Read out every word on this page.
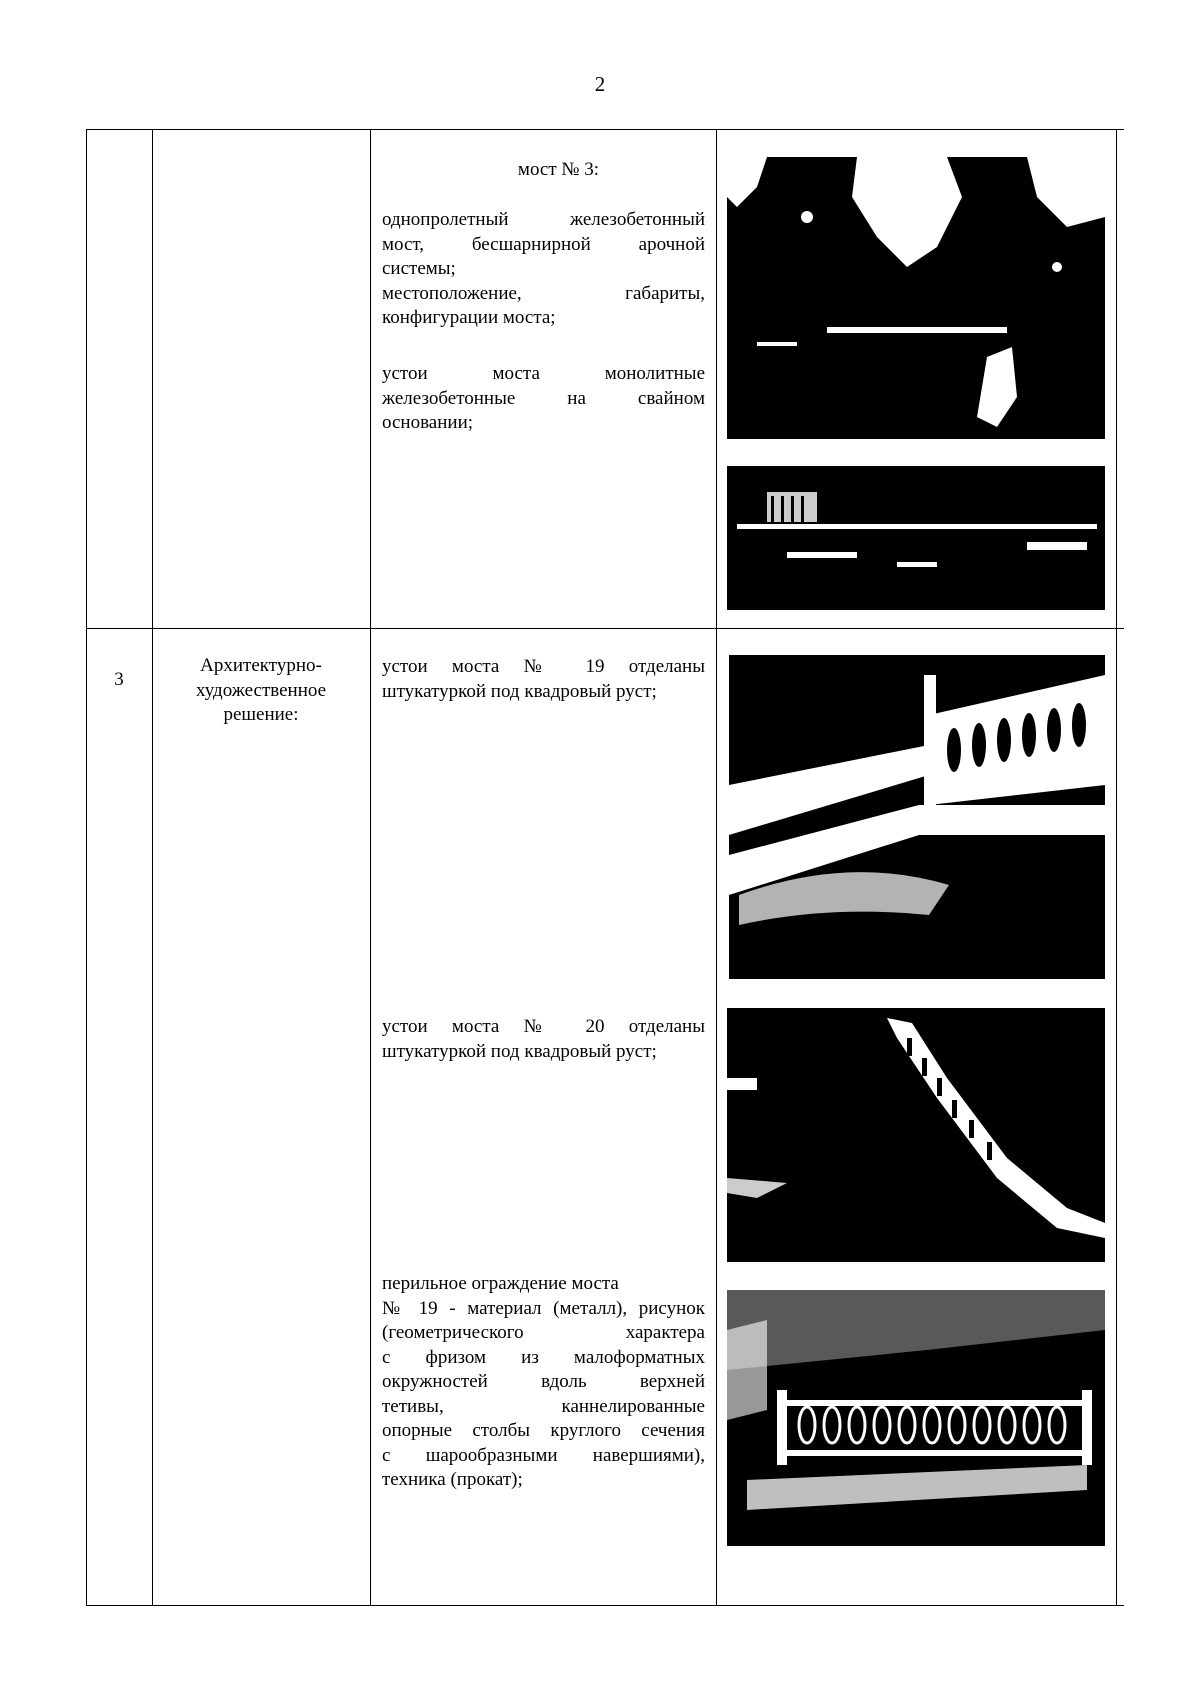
2
мост № 3:
однопролетный железобетонный
мост, бесшарнирной арочной
системы;
местоположение, габариты,
конфигурации моста;
устои моста монолитные
железобетонные на свайном
основании;
3
Архитектурно-
художественное
решение:
устои моста № 19 отделаны
штукатуркой под квадровый руст;
устои моста № 20 отделаны
штукатуркой под квадровый руст;
перильное ограждение моста
№ 19 - материал (металл), рисунок
(геометрического характера
с фризом из малоформатных
окружностей вдоль верхней
тетивы, каннелированные
опорные столбы круглого сечения
с шарообразными навершиями),
техника (прокат);
